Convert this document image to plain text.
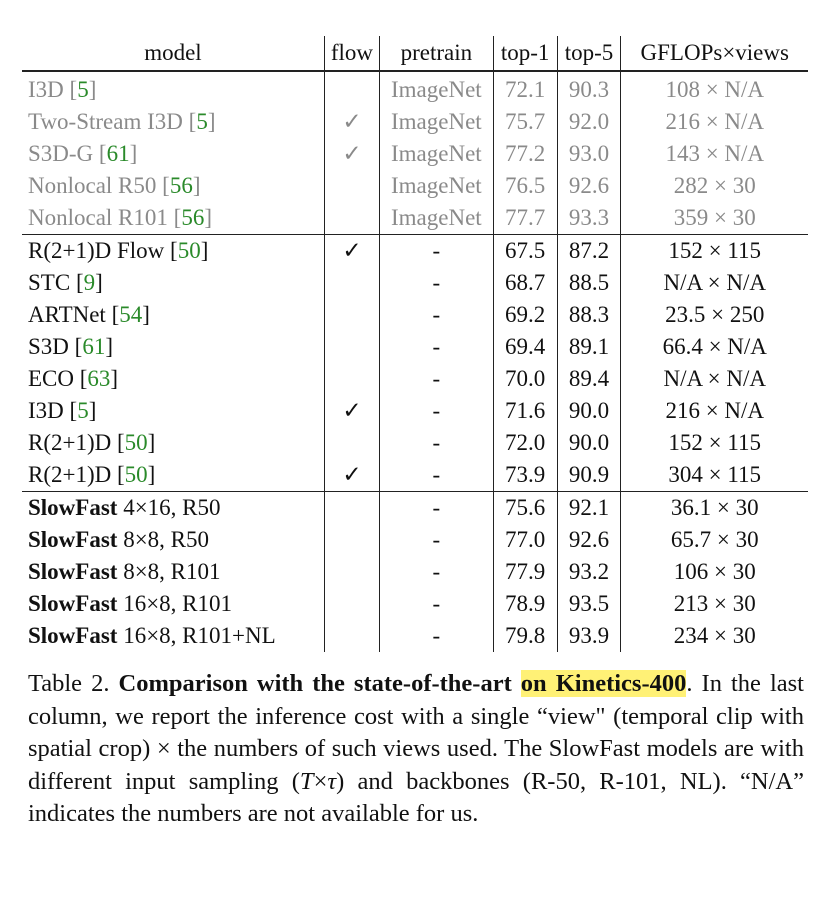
model	flow	pretrain	top-1	top-5	GFLOPs×views
I3D [5]		ImageNet	72.1	90.3	108 × N/A
Two-Stream I3D [5]	✓	ImageNet	75.7	92.0	216 × N/A
S3D-G [61]	✓	ImageNet	77.2	93.0	143 × N/A
Nonlocal R50 [56]		ImageNet	76.5	92.6	282 × 30
Nonlocal R101 [56]		ImageNet	77.7	93.3	359 × 30
R(2+1)D Flow [50]	✓	-	67.5	87.2	152 × 115
STC [9]		-	68.7	88.5	N/A × N/A
ARTNet [54]		-	69.2	88.3	23.5 × 250
S3D [61]		-	69.4	89.1	66.4 × N/A
ECO [63]		-	70.0	89.4	N/A × N/A
I3D [5]	✓	-	71.6	90.0	216 × N/A
R(2+1)D [50]		-	72.0	90.0	152 × 115
R(2+1)D [50]	✓	-	73.9	90.9	304 × 115
SlowFast 4×16, R50		-	75.6	92.1	36.1 × 30
SlowFast 8×8, R50		-	77.0	92.6	65.7 × 30
SlowFast 8×8, R101		-	77.9	93.2	106 × 30
SlowFast 16×8, R101		-	78.9	93.5	213 × 30
SlowFast 16×8, R101+NL		-	79.8	93.9	234 × 30
Table 2. Comparison with the state-of-the-art on Kinetics-400. In the last column, we report the inference cost with a single “view" (temporal clip with spatial crop) × the numbers of such views used. The SlowFast models are with different input sampling (T×τ) and backbones (R-50, R-101, NL). “N/A” indicates the numbers are not available for us.
